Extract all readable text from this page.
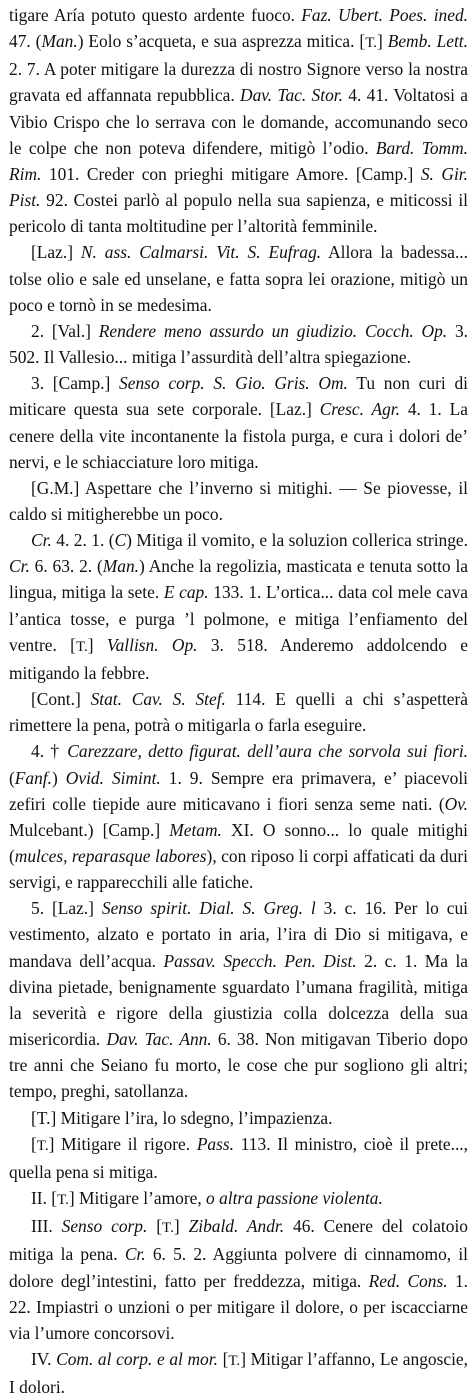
tigare Aría potuto questo ardente fuoco. Faz. Ubert. Poes. ined. 47. (Man.) Eolo s’acqueta, e sua asprezza mitica. [T.] Bemb. Lett. 2. 7. A poter mitigare la durezza di nostro Signore verso la nostra gravata ed affannata repubblica. Dav. Tac. Stor. 4. 41. Voltatosi a Vibio Crispo che lo serrava con le domande, accomunando seco le colpe che non poteva difendere, mitigò l’odio. Bard. Tomm. Rim. 101. Creder con prieghi mitigare Amore. [Camp.] S. Gir. Pist. 92. Costei parlò al populo nella sua sapienza, e miticossi il pericolo di tanta moltitudine per l’altorità femminile.

[Laz.] N. ass. Calmarsi. Vit. S. Eufrag. Allora la badessa... tolse olio e sale ed unselane, e fatta sopra lei orazione, mitigò un poco e tornò in se medesima.

2. [Val.] Rendere meno assurdo un giudizio. Cocch. Op. 3. 502. Il Vallesio... mitiga l’assurdità dell’altra spiegazione.

3. [Camp.] Senso corp. S. Gio. Gris. Om. Tu non curi di miticare questa sua sete corporale. [Laz.] Cresc. Agr. 4. 1. La cenere della vite incontanente la fistola purga, e cura i dolori de’ nervi, e le schiacciature loro mitiga.

[G.M.] Aspettare che l’inverno si mitighi. — Se piovesse, il caldo si mitigherebbe un poco.

Cr. 4. 2. 1. (C) Mitiga il vomito, e la soluzion collerica stringe. Cr. 6. 63. 2. (Man.) Anche la regolizia, masticata e tenuta sotto la lingua, mitiga la sete. E cap. 133. 1. L’ortica... data col mele cava l’antica tosse, e purga ’l polmone, e mitiga l’enfiamento del ventre. [T.] Vallisn. Op. 3. 518. Anderemo addolcendo e mitigando la febbre.

[Cont.] Stat. Cav. S. Stef. 114. E quelli a chi s’aspetterà rimettere la pena, potrà o mitigarla o farla eseguire.

4. † Carezzare, detto figurat. dell’aura che sorvola sui fiori. (Fanf.) Ovid. Simint. 1. 9. Sempre era primavera, e’ piacevoli zefiri colle tiepide aure miticavano i fiori senza seme nati. (Ov. Mulcebant.) [Camp.] Metam. XI. O sonno... lo quale mitighi (mulces, reparasque labores), con riposo li corpi affaticati da duri servigi, e rapparecchili alle fatiche.

5. [Laz.] Senso spirit. Dial. S. Greg. l 3. c. 16. Per lo cui vestimento, alzato e portato in aria, l’ira di Dio si mitigava, e mandava dell’acqua. Passav. Specch. Pen. Dist. 2. c. 1. Ma la divina pietade, benignamente sguardato l’umana fragilità, mitiga la severità e rigore della giustizia colla dolcezza della sua misericordia. Dav. Tac. Ann. 6. 38. Non mitigavan Tiberio dopo tre anni che Seiano fu morto, le cose che pur sogliono gli altri; tempo, preghi, satollanza.

[T.] Mitigare l’ira, lo sdegno, l’impazienza.

[T.] Mitigare il rigore. Pass. 113. Il ministro, cioè il prete..., quella pena si mitiga.

II. [T.] Mitigare l’amore, o altra passione violenta.

III. Senso corp. [T.] Zibald. Andr. 46. Cenere del colatoio mitiga la pena. Cr. 6. 5. 2. Aggiunta polvere di cinnamomo, il dolore degl’intestini, fatto per freddezza, mitiga. Red. Cons. 1. 22. Impiastri o unzioni o per mitigare il dolore, o per iscacciarne via l’umore concorsovi.

IV. Com. al corp. e al mor. [T.] Mitigar l’affanno, Le angoscie, I dolori.
